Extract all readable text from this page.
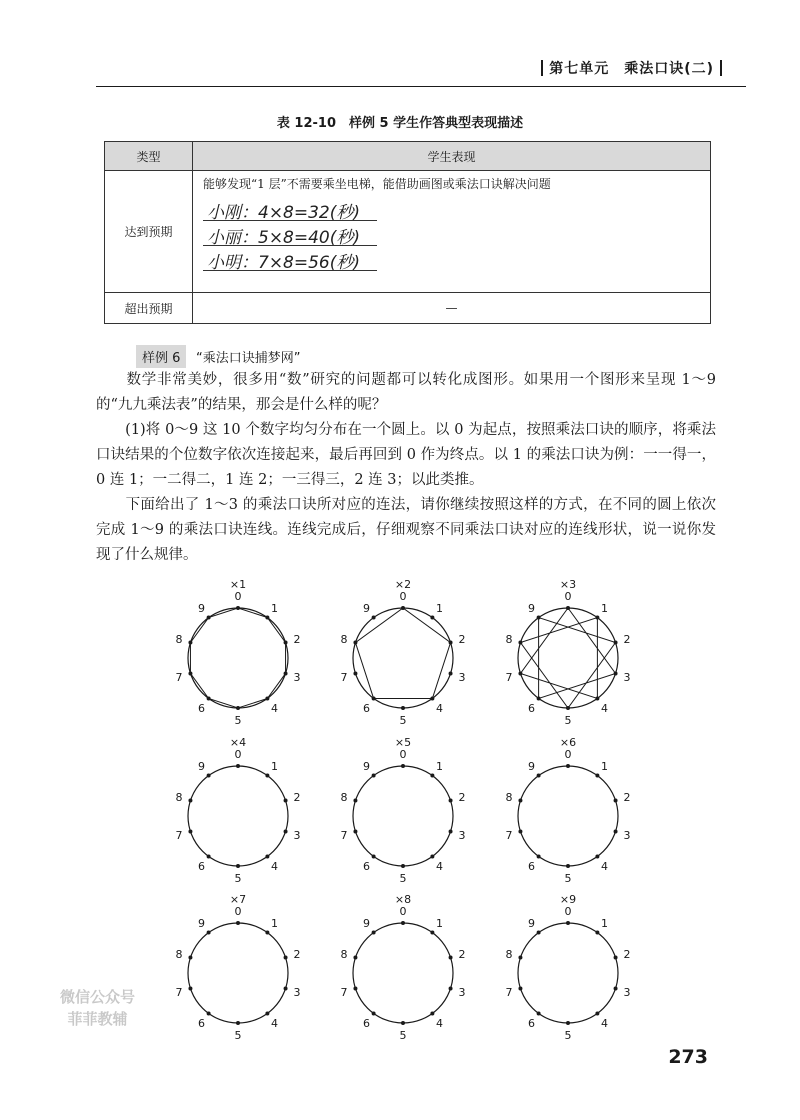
第七单元　乘法口诀(二)
表 12-10　样例 5 学生作答典型表现描述
类型	学生表现
达到预期	能够发现“1 层”不需要乘坐电梯，能借助画图或乘法口诀解决问题
小刚：4×8=32(秒)
小丽：5×8=40(秒)
小明：7×8=56(秒)

超出预期	—
样例 6	“乘法口诀捕梦网”
　　数学非常美妙，很多用“数”研究的问题都可以转化成图形。如果用一个图形来呈现 1～9 的“九九乘法表”的结果，那会是什么样的呢？
　　(1)将 0～9 这 10 个数字均匀分布在一个圆上。以 0 为起点，按照乘法口诀的顺序，将乘法口诀结果的个位数字依次连接起来，最后再回到 0 作为终点。以 1 的乘法口诀为例：一一得一，0 连 1；一二得二，1 连 2；一三得三，2 连 3；以此类推。
　　下面给出了 1～3 的乘法口诀所对应的连法，请你继续按照这样的方式，在不同的圆上依次完成 1～9 的乘法口诀连线。连线完成后，仔细观察不同乘法口诀对应的连线形状，说一说你发现了什么规律。
×1
0
1
2
3
4
5
6
7
8
9
×2
0
1
2
3
4
5
6
7
8
9
×3
0
1
2
3
4
5
6
7
8
9
×4
0
1
2
3
4
5
6
7
8
9
×5
0
1
2
3
4
5
6
7
8
9
×6
0
1
2
3
4
5
6
7
8
9
×7
0
1
2
3
4
5
6
7
8
9
×8
0
1
2
3
4
5
6
7
8
9
×9
0
1
2
3
4
5
6
7
8
9
微信公众号
菲菲教辅
273
